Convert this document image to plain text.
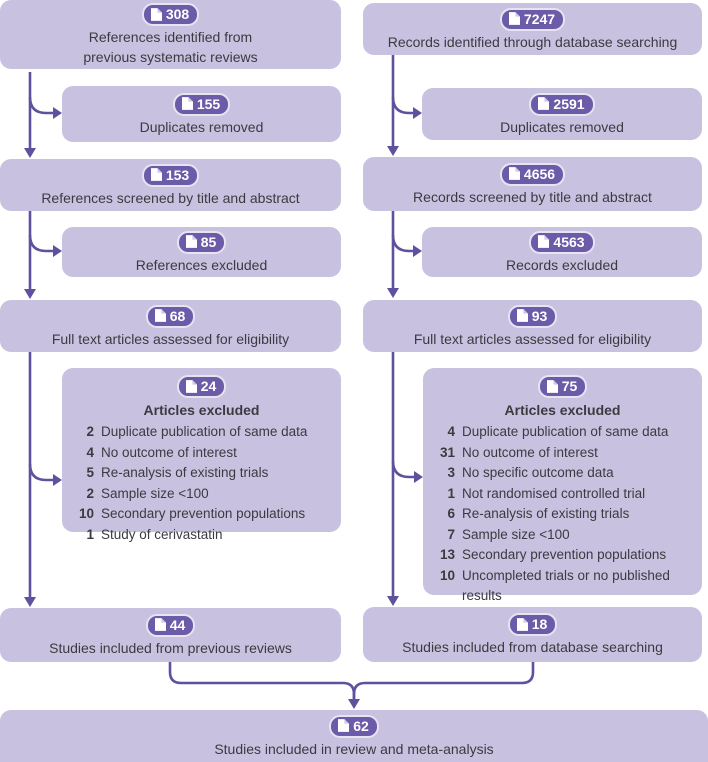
308
References identified from
previous systematic reviews
155
Duplicates removed
153
References screened by title and abstract
85
References excluded
68
Full text articles assessed for eligibility
24
Articles excluded
2 Duplicate publication of same data
4 No outcome of interest
5 Re-analysis of existing trials
2 Sample size <100
10 Secondary prevention populations
1 Study of cerivastatin
44
Studies included from previous reviews
7247
Records identified through database searching
2591
Duplicates removed
4656
Records screened by title and abstract
4563
Records excluded
93
Full text articles assessed for eligibility
75
Articles excluded
4 Duplicate publication of same data
31 No outcome of interest
3 No specific outcome data
1 Not randomised controlled trial
6 Re-analysis of existing trials
7 Sample size <100
13 Secondary prevention populations
10 Uncompleted trials or no published results
18
Studies included from database searching
62
Studies included in review and meta-analysis
